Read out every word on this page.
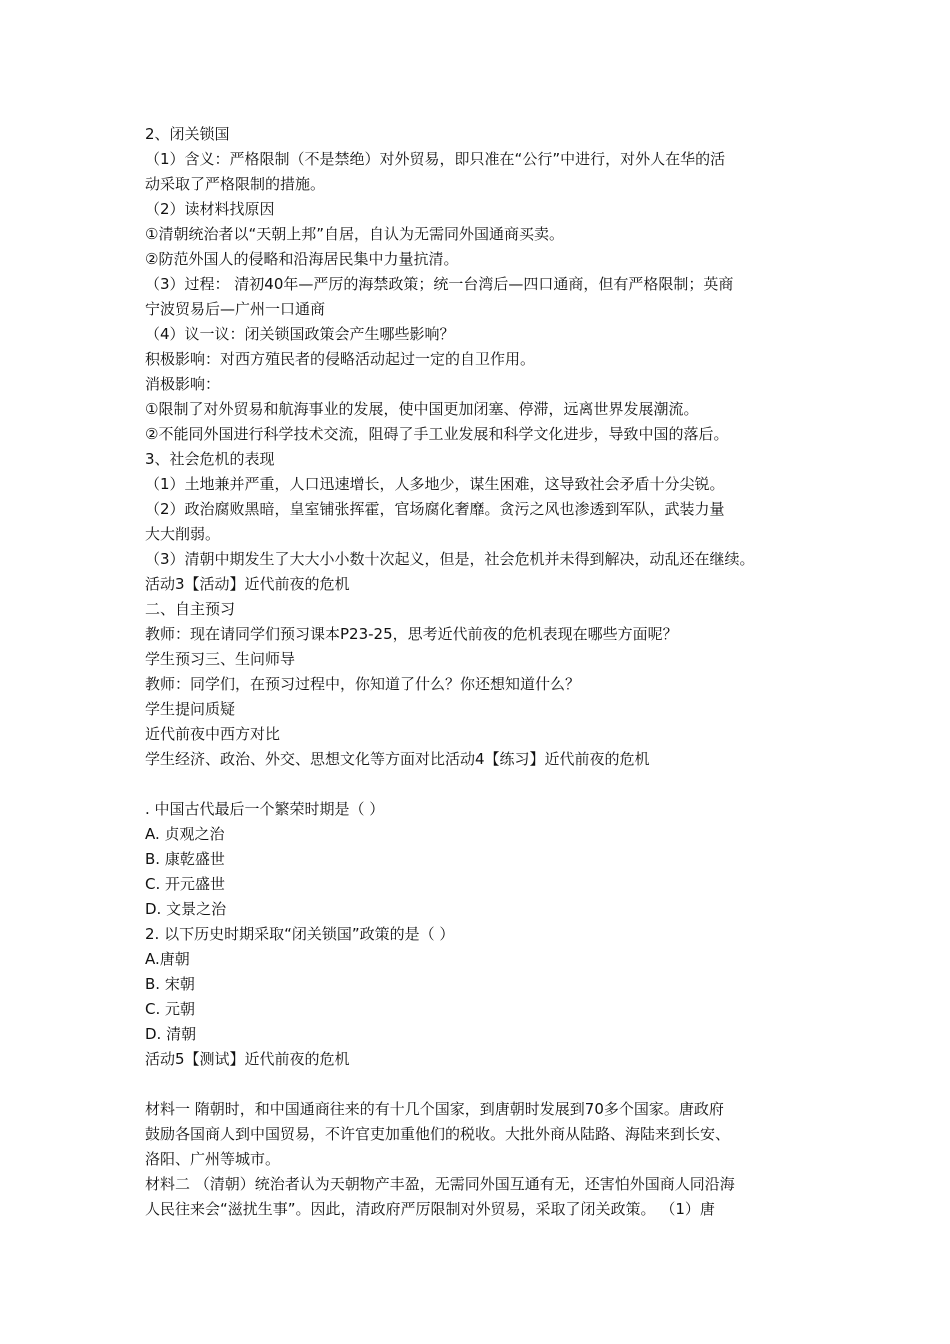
2、闭关锁国
（1）含义：严格限制（不是禁绝）对外贸易，即只准在“公行”中进行，对外人在华的活
动采取了严格限制的措施。
（2）读材料找原因
①清朝统治者以“天朝上邦”自居，自认为无需同外国通商买卖。
②防范外国人的侵略和沿海居民集中力量抗清。
（3）过程： 清初40年—严厉的海禁政策；统一台湾后—四口通商，但有严格限制；英商
宁波贸易后—广州一口通商
（4）议一议：闭关锁国政策会产生哪些影响？
积极影响：对西方殖民者的侵略活动起过一定的自卫作用。
消极影响：
①限制了对外贸易和航海事业的发展，使中国更加闭塞、停滞，远离世界发展潮流。
②不能同外国进行科学技术交流，阻碍了手工业发展和科学文化进步，导致中国的落后。
3、社会危机的表现
（1）土地兼并严重，人口迅速增长，人多地少，谋生困难，这导致社会矛盾十分尖锐。
（2）政治腐败黑暗，皇室铺张挥霍，官场腐化奢靡。贪污之风也渗透到军队，武装力量
大大削弱。
（3）清朝中期发生了大大小小数十次起义，但是，社会危机并未得到解决，动乱还在继续。
活动3【活动】近代前夜的危机
二、自主预习
教师：现在请同学们预习课本P23-25，思考近代前夜的危机表现在哪些方面呢？
学生预习三、生问师导
教师：同学们，在预习过程中，你知道了什么？你还想知道什么？
学生提问质疑
近代前夜中西方对比
学生经济、政治、外交、思想文化等方面对比活动4【练习】近代前夜的危机
. 中国古代最后一个繁荣时期是（ ）
A. 贞观之治
B. 康乾盛世
C. 开元盛世
D. 文景之治
2. 以下历史时期采取“闭关锁国”政策的是（ ）
A.唐朝
B. 宋朝
C. 元朝
D. 清朝
活动5【测试】近代前夜的危机
材料一 隋朝时，和中国通商往来的有十几个国家，到唐朝时发展到70多个国家。唐政府
鼓励各国商人到中国贸易，不许官吏加重他们的税收。大批外商从陆路、海陆来到长安、
洛阳、广州等城市。
材料二 （清朝）统治者认为天朝物产丰盈，无需同外国互通有无，还害怕外国商人同沿海
人民往来会“滋扰生事”。因此，清政府严厉限制对外贸易，采取了闭关政策。 （1）唐
